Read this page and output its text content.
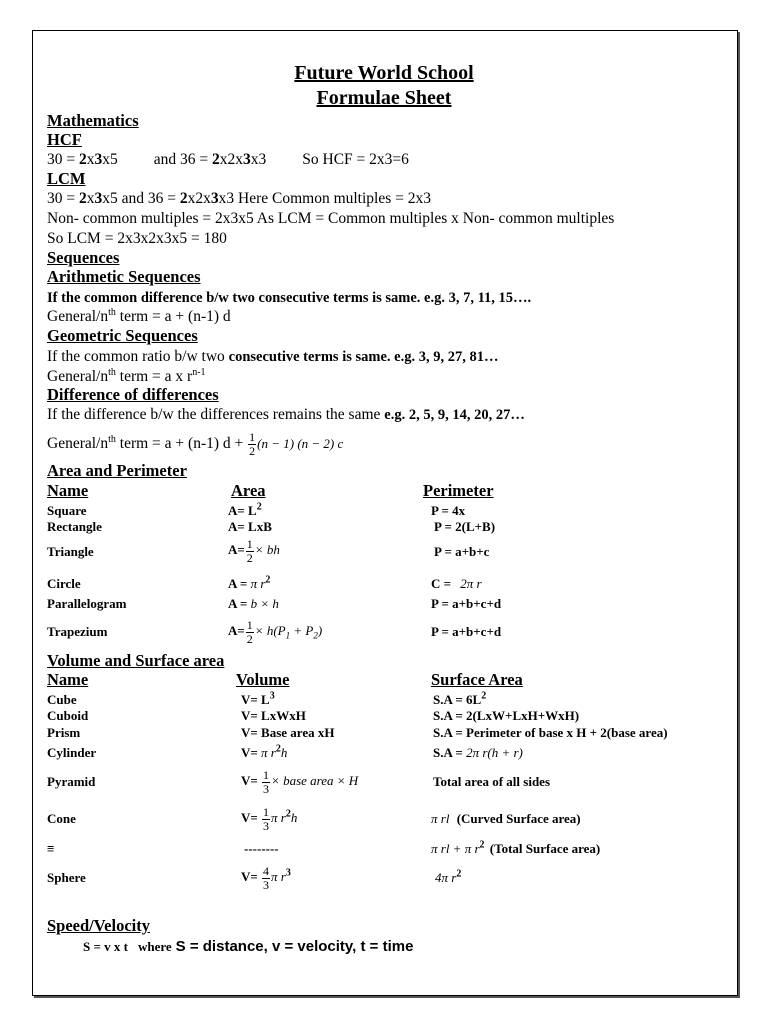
Future World School
Formulae Sheet
Mathematics
HCF
30 = 2x3x5 and 36 = 2x2x3x3 So HCF = 2x3=6
LCM
30 = 2x3x5 and 36 = 2x2x3x3 Here Common multiples = 2x3
Non- common multiples = 2x3x5 As LCM = Common multiples x Non- common multiples
So LCM = 2x3x2x3x5 = 180
Sequences
Arithmetic Sequences
If the common difference b/w two consecutive terms is same. e.g. 3, 7, 11, 15….
General/$n^{th}$ term = a + (n-1) d
Geometric Sequences
If the common ratio b/w two consecutive terms is same. e.g. 3, 9, 27, 81…
General/$n^{th}$ term = a x $r^{n-1}$
Difference of differences
If the difference b/w the differences remains the same e.g. 2, 5, 9, 14, 20, 27…
General/$n^{th}$ term = a + (n-1) $d + \frac{1}{2} (n - 1) (n - 2)$ c
Area and Perimeter
Name	Area	Perimeter
Square	$A= L^2$	P = 4x
Rectangle	A= LxB	P = 2(L+B)
Triangle	$A= \frac{1}{2}$ × bh	P = a+b+c
Circle	A = π $r^2$	C = 2π r
Parallelogram	A = b × h	P = a+b+c+d
Trapezium	$A= \frac{1}{2} \times h(P_1 + P_2)$	P = a+b+c+d
Volume and Surface area
Name	Volume	Surface Area
Cube	$V= L^3$	$S.A = 6L^2$
Cuboid	V= LxWxH	S.A = 2(LxW+LxH+WxH)
Prism	V= Base area xH	S.A = Perimeter of base x H + 2(base area)
Cylinder	V= π $r^2h$	S.A = 2π r(h + r)
Pyramid	$V= \frac{1}{3}$ × base area × H	Total area of all sides
Cone	$V= \frac{1}{3}$ π $r^2h$	π rl (Curved Surface area)
≡	--------	π rl + π $r^2$ (Total Surface area)
Sphere	$V= \frac{4}{3}$ π $r^3$	4π $r^2$
Speed/Velocity
S = v x t where S = distance, v = velocity, t = time
